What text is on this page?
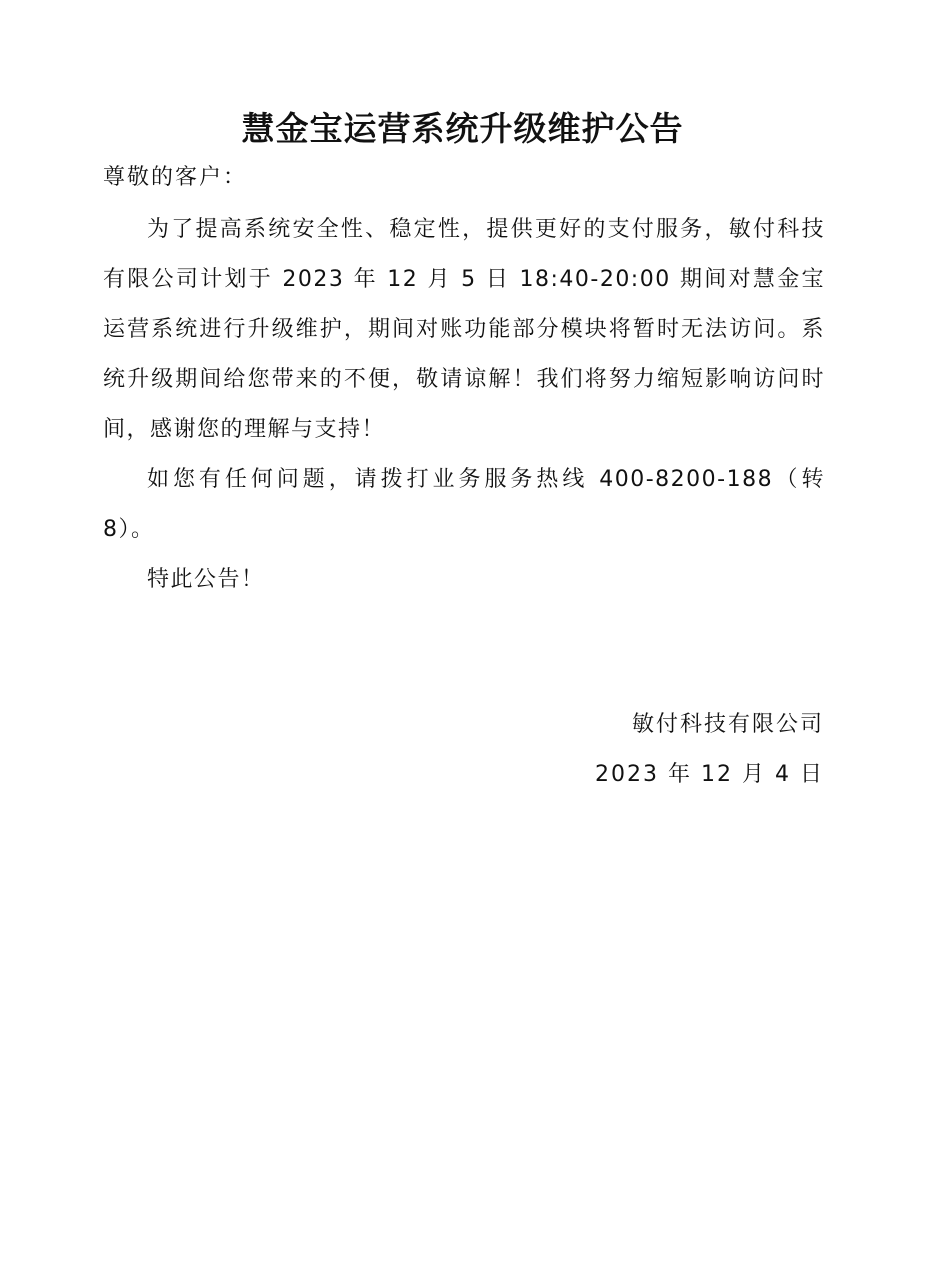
慧金宝运营系统升级维护公告
尊敬的客户：

为了提高系统安全性、稳定性，提供更好的支付服务，敏付科技有限公司计划于 2023 年 12 月 5 日 18:40-20:00 期间对慧金宝运营系统进行升级维护，期间对账功能部分模块将暂时无法访问。系统升级期间给您带来的不便，敬请谅解！我们将努力缩短影响访问时间，感谢您的理解与支持！

如您有任何问题，请拨打业务服务热线 400-8200-188（转 8）。

特此公告！

敏付科技有限公司
2023 年 12 月 4 日
